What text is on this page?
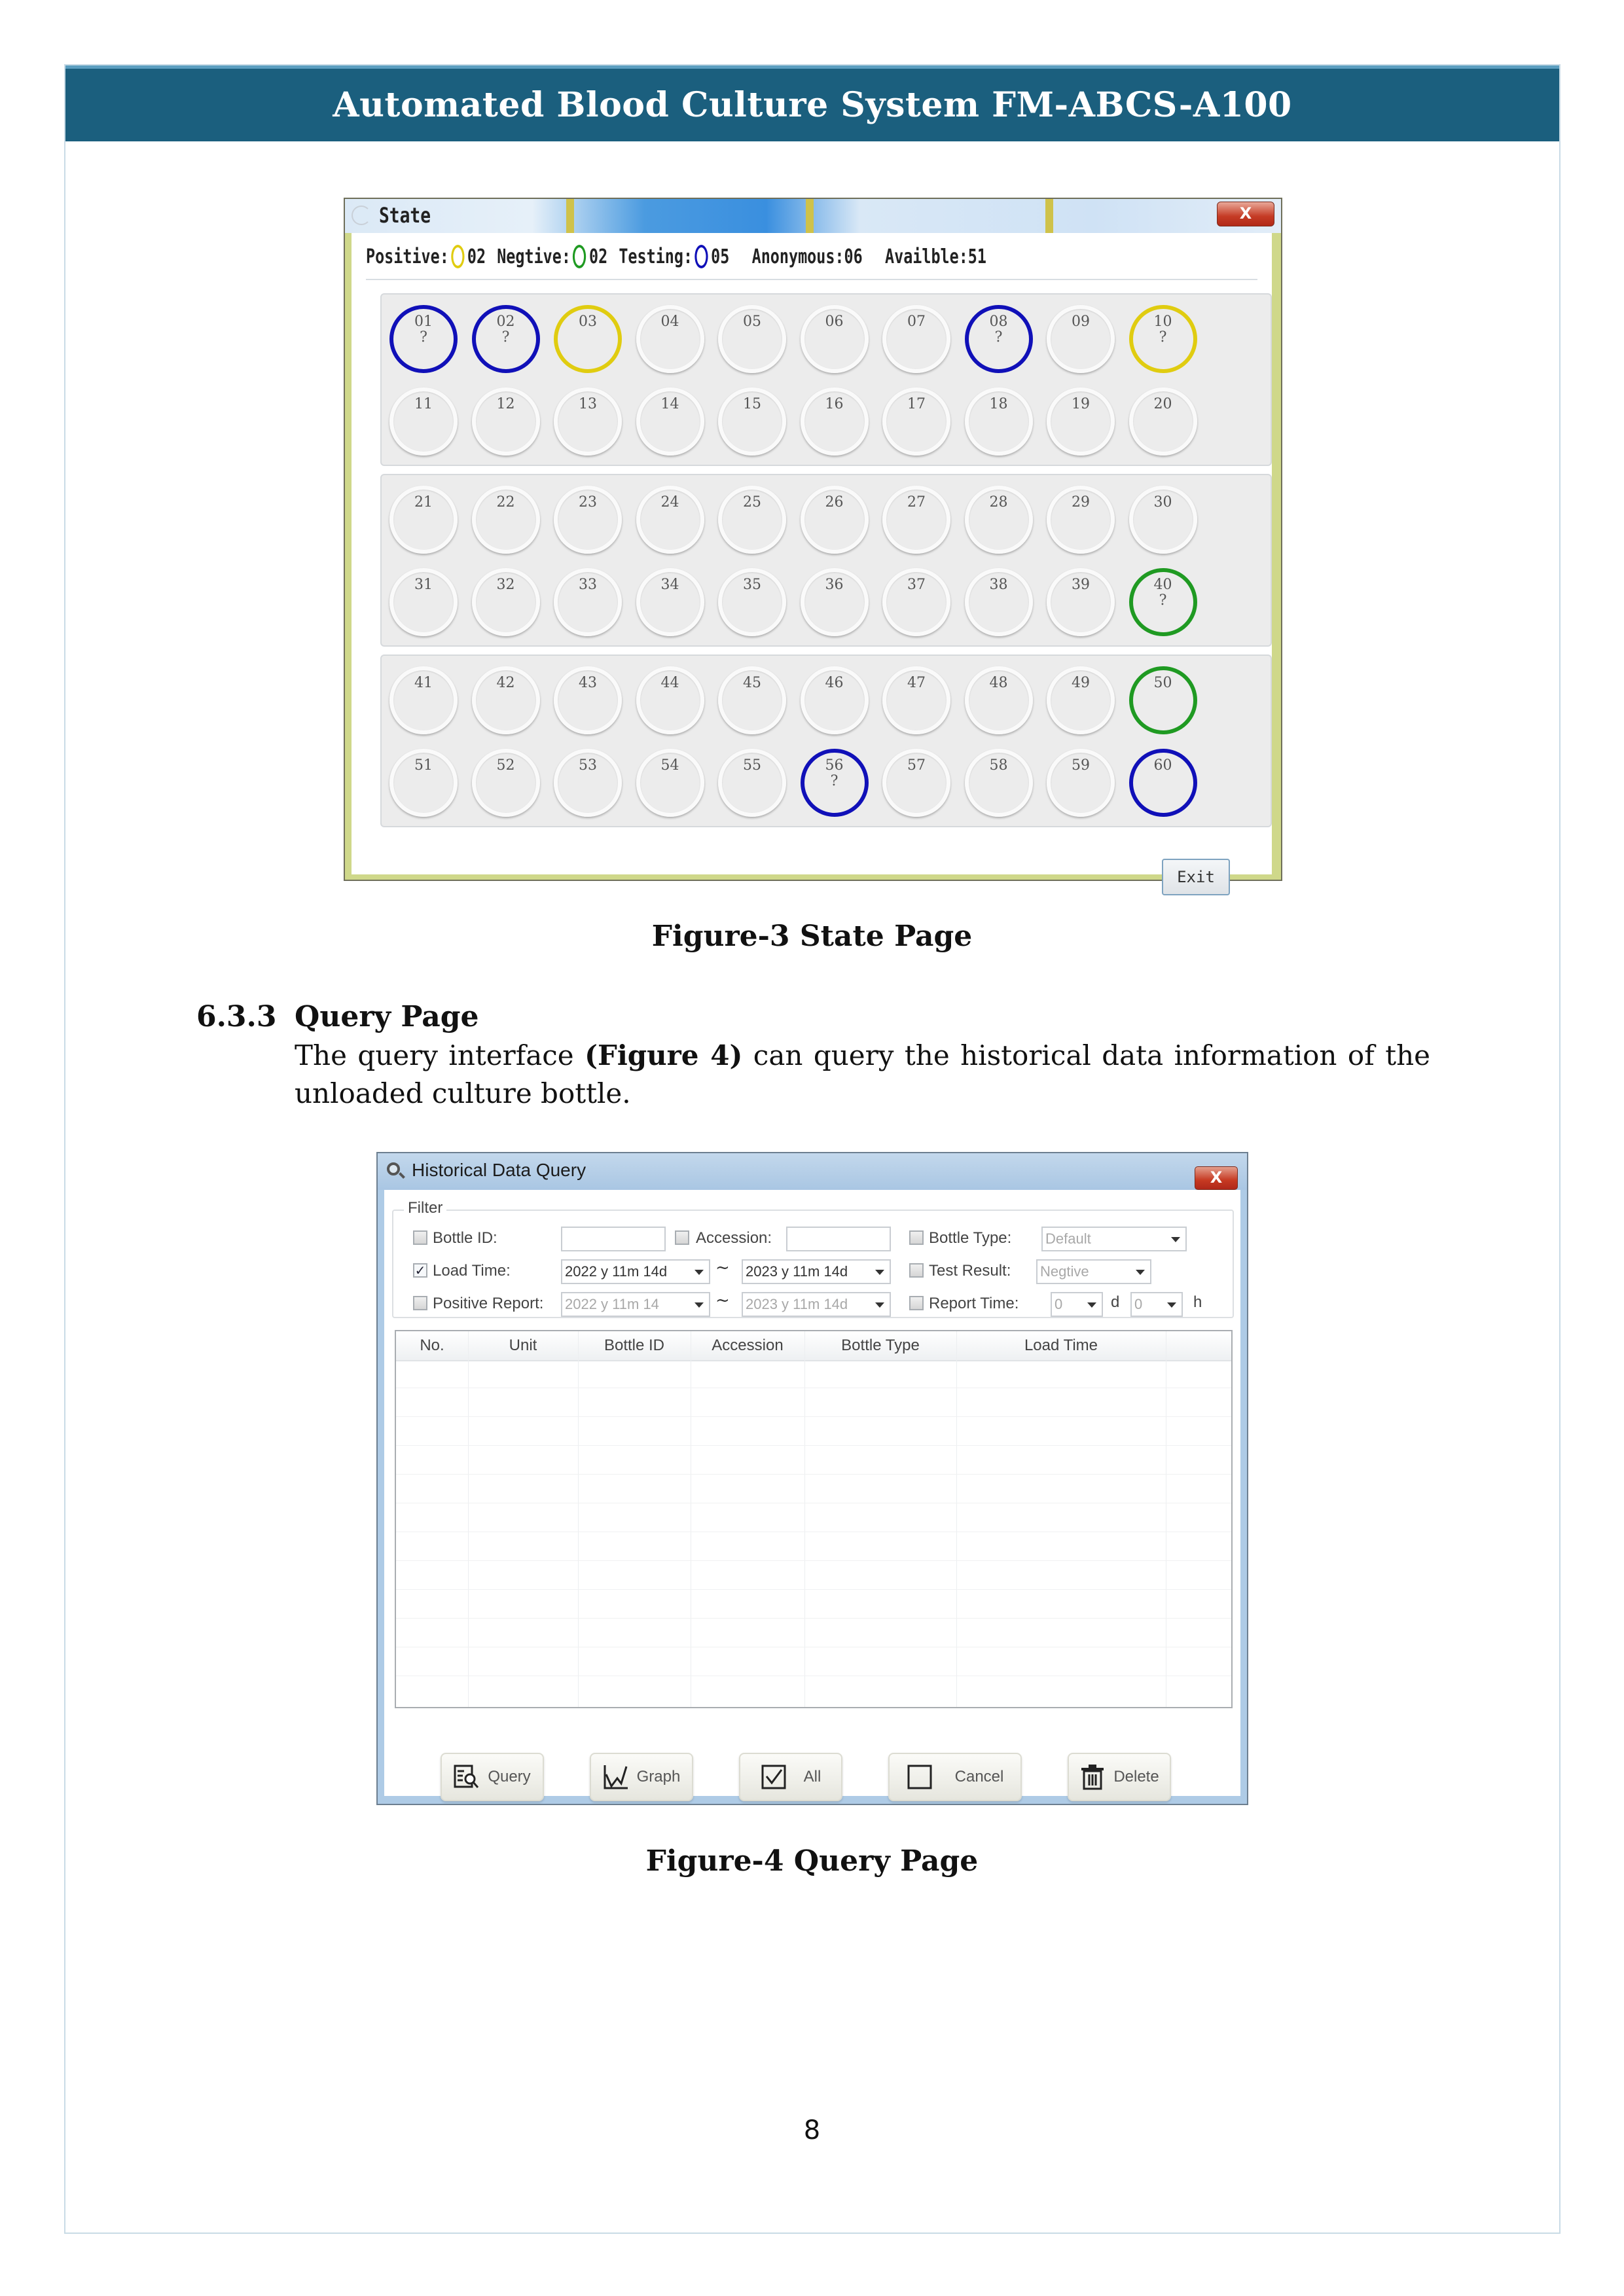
Automated Blood Culture System FM-ABCS-A100
State	X
Positive: 02 Negtive: 02 Testing: 05 Anonymous:06 Availble:51
01
?
02
?
03	04	05	06	07	08
?
09	10
?
11	12	13	14	15	16	17	18	19	20
21	22	23	24	25	26	27	28	29	30
31	32	33	34	35	36	37	38	39	40
?
41	42	43	44	45	46	47	48	49	50
51	52	53	54	55	56
?
57	58	59	60
Exit
Figure-3 State Page
6.3.3 Query Page
The query interface (Figure 4) can query the historical data information of the unloaded culture bottle.
Historical Data Query	X
Filter
Bottle ID:	Accession:	Bottle Type: Default
✓ Load Time:	2022 y 11m 14d	~ 2023 y 11m 14d	Test Result: Negtive
Positive Report: 2022 y 11m 14	~ 2023 y 11m 14d	Report Time: 0	d 0	h
No.	Unit	Bottle ID	Accession	Bottle Type	Load Time
Query	Graph	All	Cancel	Delete
Figure-4 Query Page
8
